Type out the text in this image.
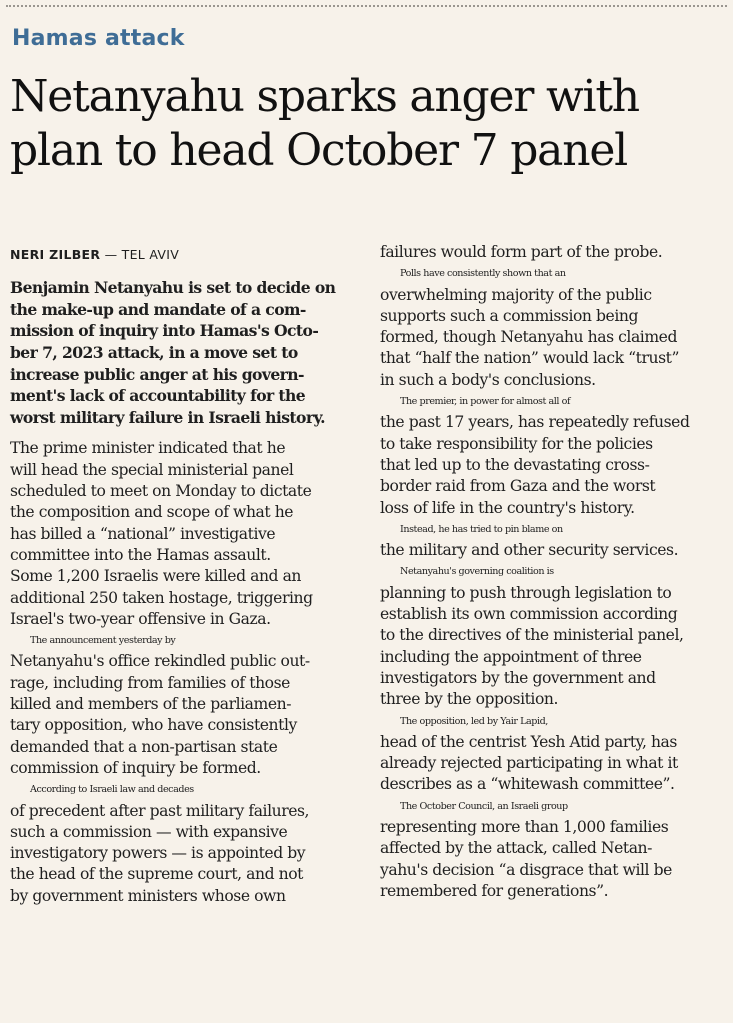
Hamas attack
Netanyahu sparks anger with
plan to head October 7 panel
NERI ZILBER — TEL AVIV

Benjamin Netanyahu is set to decide on

the make-up and mandate of a com-

mission of inquiry into Hamas's Octo-

ber 7, 2023 attack, in a move set to

increase public anger at his govern-

ment's lack of accountability for the

worst military failure in Israeli history.

The prime minister indicated that he

will head the special ministerial panel

scheduled to meet on Monday to dictate

the composition and scope of what he

has billed a “national” investigative

committee into the Hamas assault.

Some 1,200 Israelis were killed and an

additional 250 taken hostage, triggering

Israel's two-year offensive in Gaza.

The announcement yesterday by

Netanyahu's office rekindled public out-

rage, including from families of those

killed and members of the parliamen-

tary opposition, who have consistently

demanded that a non-partisan state

commission of inquiry be formed.

According to Israeli law and decades

of precedent after past military failures,

such a commission — with expansive

investigatory powers — is appointed by

the head of the supreme court, and not

by government ministers whose own

failures would form part of the probe.

Polls have consistently shown that an

overwhelming majority of the public

supports such a commission being

formed, though Netanyahu has claimed

that “half the nation” would lack “trust”

in such a body's conclusions.

The premier, in power for almost all of

the past 17 years, has repeatedly refused

to take responsibility for the policies

that led up to the devastating cross-

border raid from Gaza and the worst

loss of life in the country's history.

Instead, he has tried to pin blame on

the military and other security services.

Netanyahu's governing coalition is

planning to push through legislation to

establish its own commission according

to the directives of the ministerial panel,

including the appointment of three

investigators by the government and

three by the opposition.

The opposition, led by Yair Lapid,

head of the centrist Yesh Atid party, has

already rejected participating in what it

describes as a “whitewash committee”.

The October Council, an Israeli group

representing more than 1,000 families

affected by the attack, called Netan-

yahu's decision “a disgrace that will be

remembered for generations”.
